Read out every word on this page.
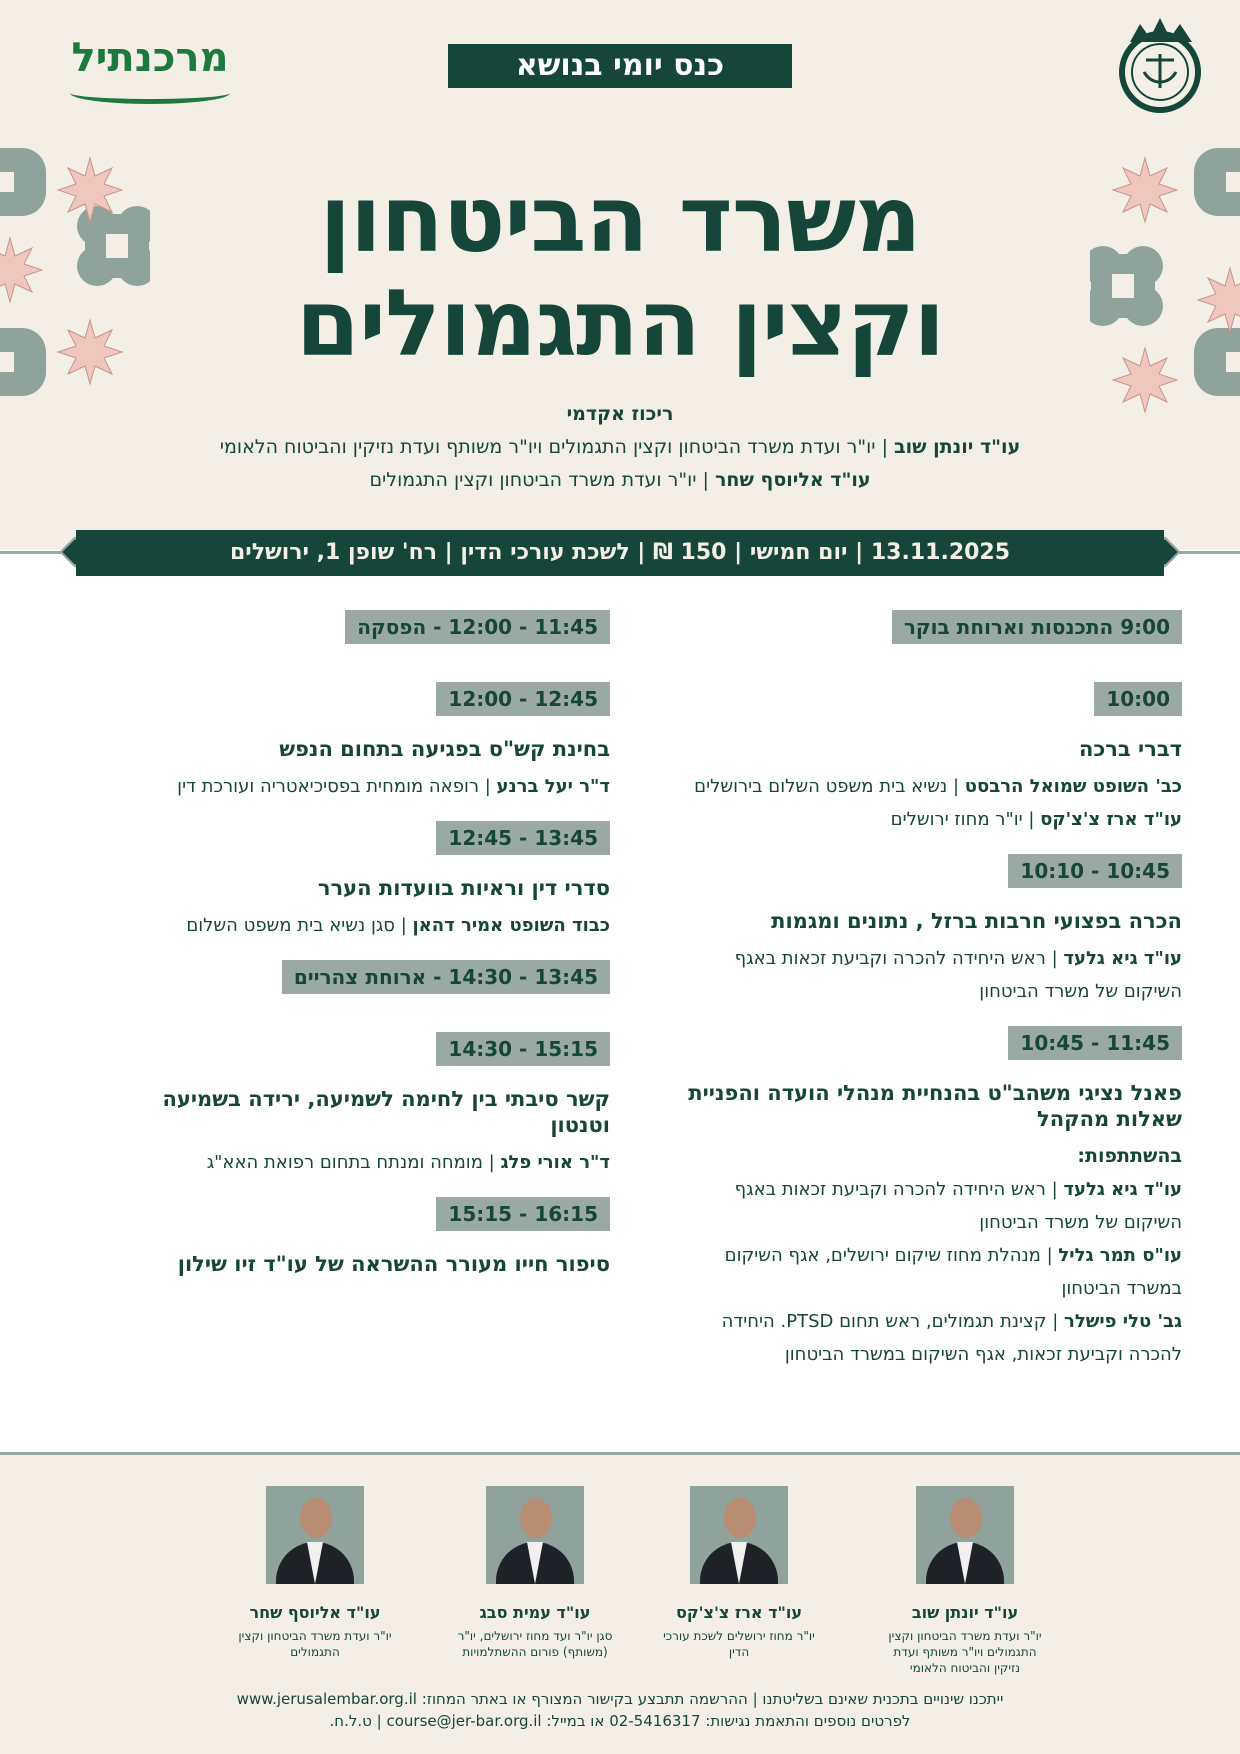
מרכנתיל	כנס יומי בנושא
משרד הביטחון
וקצין התגמולים
ריכוז אקדמי
עו"ד יונתן שוב | יו"ר ועדת משרד הביטחון וקצין התגמולים ויו"ר משותף ועדת נזיקין והביטוח הלאומי
עו"ד אליוסף שחר | יו"ר ועדת משרד הביטחון וקצין התגמולים
13.11.2025 | יום חמישי | 150 ₪ | לשכת עורכי הדין | רח' שופן 1, ירושלים
9:00 התכנסות וארוחת בוקר
10:00
דברי ברכה
כב' השופט שמואל הרבסט | נשיא בית משפט השלום בירושלים
עו"ד ארז צ'צ'קס | יו"ר מחוז ירושלים
10:45 - 10:10
הכרה בפצועי חרבות ברזל , נתונים ומגמות
עו"ד גיא גלעד | ראש היחידה להכרה וקביעת זכאות באגף השיקום של משרד הביטחון
11:45 - 10:45
פאנל נציגי משהב"ט בהנחיית מנהלי הועדה והפניית שאלות מהקהל
בהשתתפות:
עו"ד גיא גלעד | ראש היחידה להכרה וקביעת זכאות באגף השיקום של משרד הביטחון
עו"ס תמר גליל | מנהלת מחוז שיקום ירושלים, אגף השיקום במשרד הביטחון
גב' טלי פישלר | קצינת תגמולים, ראש תחום PTSD. היחידה להכרה וקביעת זכאות, אגף השיקום במשרד הביטחון
11:45 - 12:00 - הפסקה
12:45 - 12:00
בחינת קש"ס בפגיעה בתחום הנפש
ד"ר יעל ברנע | רופאה מומחית בפסיכיאטריה ועורכת דין
13:45 - 12:45
סדרי דין וראיות בוועדות הערר
כבוד השופט אמיר דהאן | סגן נשיא בית משפט השלום
13:45 - 14:30 - ארוחת צהריים
15:15 - 14:30
קשר סיבתי בין לחימה לשמיעה, ירידה בשמיעה וטנטון
ד"ר אורי פלג | מומחה ומנתח בתחום רפואת האא"ג
16:15 - 15:15
סיפור חייו מעורר ההשראה של עו"ד זיו שילון
עו"ד יונתן שוב
יו"ר ועדת משרד הביטחון וקצין התגמולים ויו"ר משותף ועדת נזיקין והביטוח הלאומי
עו"ד ארז צ'צ'קס
יו"ר מחוז ירושלים לשכת עורכי הדין
עו"ד עמית סבג
סגן יו"ר ועד מחוז ירושלים, יו"ר (משותף) פורום ההשתלמויות
עו"ד אליוסף שחר
יו"ר ועדת משרד הביטחון וקצין התגמולים
ייתכנו שינויים בתכנית שאינם בשליטתנו | ההרשמה תתבצע בקישור המצורף או באתר המחוז: www.jerusalembar.org.il
לפרטים נוספים והתאמת נגישות: 02-5416317 או במייל: course@jer-bar.org.il | ט.ל.ח.
